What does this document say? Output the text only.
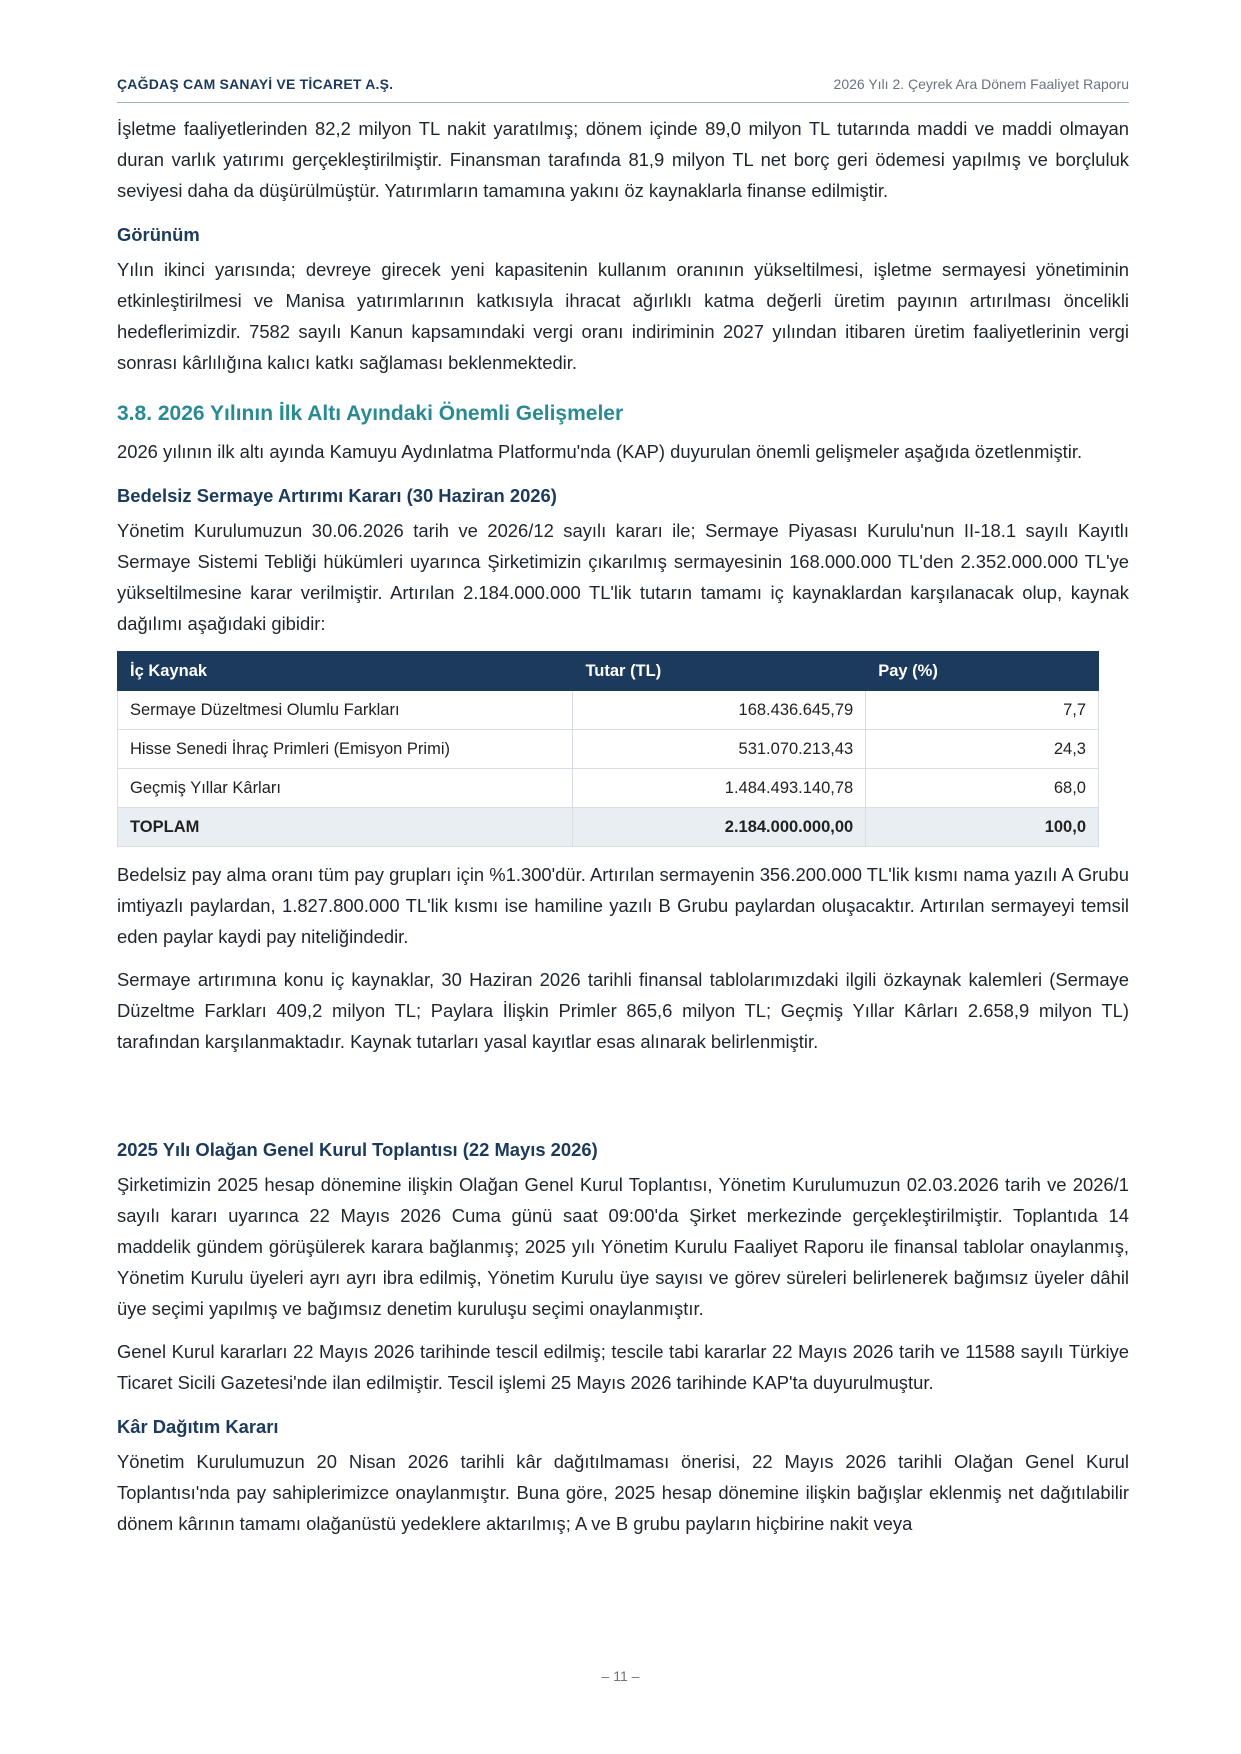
ÇAĞDAŞ CAM SANAYİ VE TİCARET A.Ş.	2026 Yılı 2. Çeyrek Ara Dönem Faaliyet Raporu

İşletme faaliyetlerinden 82,2 milyon TL nakit yaratılmış; dönem içinde 89,0 milyon TL tutarında maddi ve maddi olmayan duran varlık yatırımı gerçekleştirilmiştir. Finansman tarafında 81,9 milyon TL net borç geri ödemesi yapılmış ve borçluluk seviyesi daha da düşürülmüştür. Yatırımların tamamına yakını öz kaynaklarla finanse edilmiştir.

Görünüm

Yılın ikinci yarısında; devreye girecek yeni kapasitenin kullanım oranının yükseltilmesi, işletme sermayesi yönetiminin etkinleştirilmesi ve Manisa yatırımlarının katkısıyla ihracat ağırlıklı katma değerli üretim payının artırılması öncelikli hedeflerimizdir. 7582 sayılı Kanun kapsamındaki vergi oranı indiriminin 2027 yılından itibaren üretim faaliyetlerinin vergi sonrası kârlılığına kalıcı katkı sağlaması beklenmektedir.

3.8. 2026 Yılının İlk Altı Ayındaki Önemli Gelişmeler

2026 yılının ilk altı ayında Kamuyu Aydınlatma Platformu'nda (KAP) duyurulan önemli gelişmeler aşağıda özetlenmiştir.

Bedelsiz Sermaye Artırımı Kararı (30 Haziran 2026)

Yönetim Kurulumuzun 30.06.2026 tarih ve 2026/12 sayılı kararı ile; Sermaye Piyasası Kurulu'nun II-18.1 sayılı Kayıtlı Sermaye Sistemi Tebliği hükümleri uyarınca Şirketimizin çıkarılmış sermayesinin 168.000.000 TL'den 2.352.000.000 TL'ye yükseltilmesine karar verilmiştir. Artırılan 2.184.000.000 TL'lik tutarın tamamı iç kaynaklardan karşılanacak olup, kaynak dağılımı aşağıdaki gibidir:

İç Kaynak	Tutar (TL)	Pay (%)
Sermaye Düzeltmesi Olumlu Farkları	168.436.645,79	7,7
Hisse Senedi İhraç Primleri (Emisyon Primi)	531.070.213,43	24,3
Geçmiş Yıllar Kârları	1.484.493.140,78	68,0
TOPLAM	2.184.000.000,00	100,0

Bedelsiz pay alma oranı tüm pay grupları için %1.300'dür. Artırılan sermayenin 356.200.000 TL'lik kısmı nama yazılı A Grubu imtiyazlı paylardan, 1.827.800.000 TL'lik kısmı ise hamiline yazılı B Grubu paylardan oluşacaktır. Artırılan sermayeyi temsil eden paylar kaydi pay niteliğindedir.

Sermaye artırımına konu iç kaynaklar, 30 Haziran 2026 tarihli finansal tablolarımızdaki ilgili özkaynak kalemleri (Sermaye Düzeltme Farkları 409,2 milyon TL; Paylara İlişkin Primler 865,6 milyon TL; Geçmiş Yıllar Kârları 2.658,9 milyon TL) tarafından karşılanmaktadır. Kaynak tutarları yasal kayıtlar esas alınarak belirlenmiştir.

2025 Yılı Olağan Genel Kurul Toplantısı (22 Mayıs 2026)

Şirketimizin 2025 hesap dönemine ilişkin Olağan Genel Kurul Toplantısı, Yönetim Kurulumuzun 02.03.2026 tarih ve 2026/1 sayılı kararı uyarınca 22 Mayıs 2026 Cuma günü saat 09:00'da Şirket merkezinde gerçekleştirilmiştir. Toplantıda 14 maddelik gündem görüşülerek karara bağlanmış; 2025 yılı Yönetim Kurulu Faaliyet Raporu ile finansal tablolar onaylanmış, Yönetim Kurulu üyeleri ayrı ayrı ibra edilmiş, Yönetim Kurulu üye sayısı ve görev süreleri belirlenerek bağımsız üyeler dâhil üye seçimi yapılmış ve bağımsız denetim kuruluşu seçimi onaylanmıştır.

Genel Kurul kararları 22 Mayıs 2026 tarihinde tescil edilmiş; tescile tabi kararlar 22 Mayıs 2026 tarih ve 11588 sayılı Türkiye Ticaret Sicili Gazetesi'nde ilan edilmiştir. Tescil işlemi 25 Mayıs 2026 tarihinde KAP'ta duyurulmuştur.

Kâr Dağıtım Kararı

Yönetim Kurulumuzun 20 Nisan 2026 tarihli kâr dağıtılmaması önerisi, 22 Mayıs 2026 tarihli Olağan Genel Kurul Toplantısı'nda pay sahiplerimizce onaylanmıştır. Buna göre, 2025 hesap dönemine ilişkin bağışlar eklenmiş net dağıtılabilir dönem kârının tamamı olağanüstü yedeklere aktarılmış; A ve B grubu payların hiçbirine nakit veya

– 11 –
